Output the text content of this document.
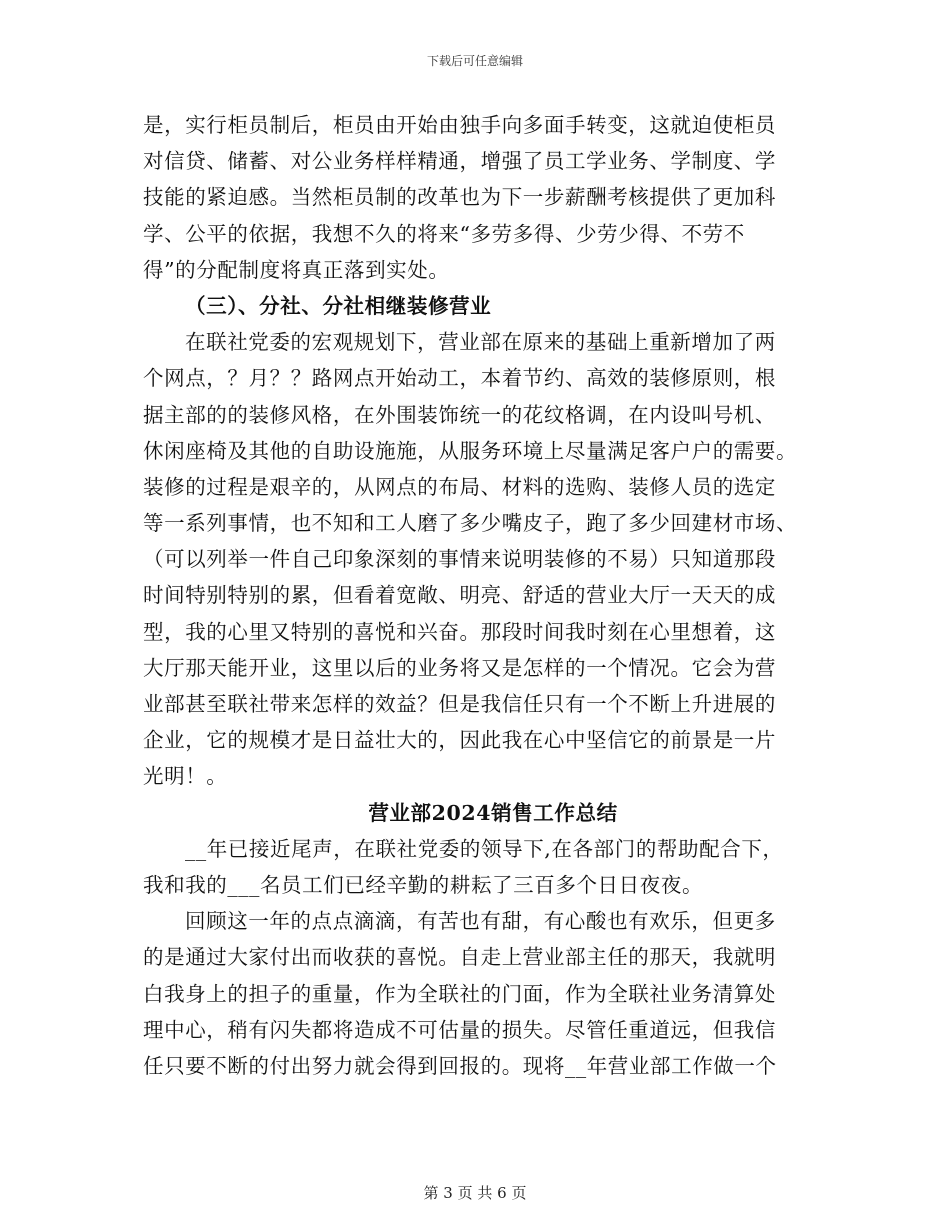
下载后可任意编辑
是，实行柜员制后，柜员由开始由独手向多面手转变，这就迫使柜员
对信贷、储蓄、对公业务样样精通，增强了员工学业务、学制度、学
技能的紧迫感。当然柜员制的改革也为下一步薪酬考核提供了更加科
学、公平的依据，我想不久的将来“多劳多得、少劳少得、不劳不
得”的分配制度将真正落到实处。
（三）、分社、分社相继装修营业
在联社党委的宏观规划下，营业部在原来的基础上重新增加了两
个网点，？月？？路网点开始动工，本着节约、高效的装修原则，根
据主部的的装修风格，在外围装饰统一的花纹格调，在内设叫号机、
休闲座椅及其他的自助设施施，从服务环境上尽量满足客户户的需要。
装修的过程是艰辛的，从网点的布局、材料的选购、装修人员的选定
等一系列事情，也不知和工人磨了多少嘴皮子，跑了多少回建材市场、
（可以列举一件自己印象深刻的事情来说明装修的不易）只知道那段
时间特别特别的累，但看着宽敞、明亮、舒适的营业大厅一天天的成
型，我的心里又特别的喜悦和兴奋。那段时间我时刻在心里想着，这
大厅那天能开业，这里以后的业务将又是怎样的一个情况。它会为营
业部甚至联社带来怎样的效益？但是我信任只有一个不断上升进展的
企业，它的规模才是日益壮大的，因此我在心中坚信它的前景是一片
光明！。
营业部2024销售工作总结
__年已接近尾声，在联社党委的领导下,在各部门的帮助配合下，
我和我的___名员工们已经辛勤的耕耘了三百多个日日夜夜。
回顾这一年的点点滴滴，有苦也有甜，有心酸也有欢乐，但更多
的是通过大家付出而收获的喜悦。自走上营业部主任的那天，我就明
白我身上的担子的重量，作为全联社的门面，作为全联社业务清算处
理中心，稍有闪失都将造成不可估量的损失。尽管任重道远，但我信
任只要不断的付出努力就会得到回报的。现将__年营业部工作做一个
第 3 页 共 6 页
